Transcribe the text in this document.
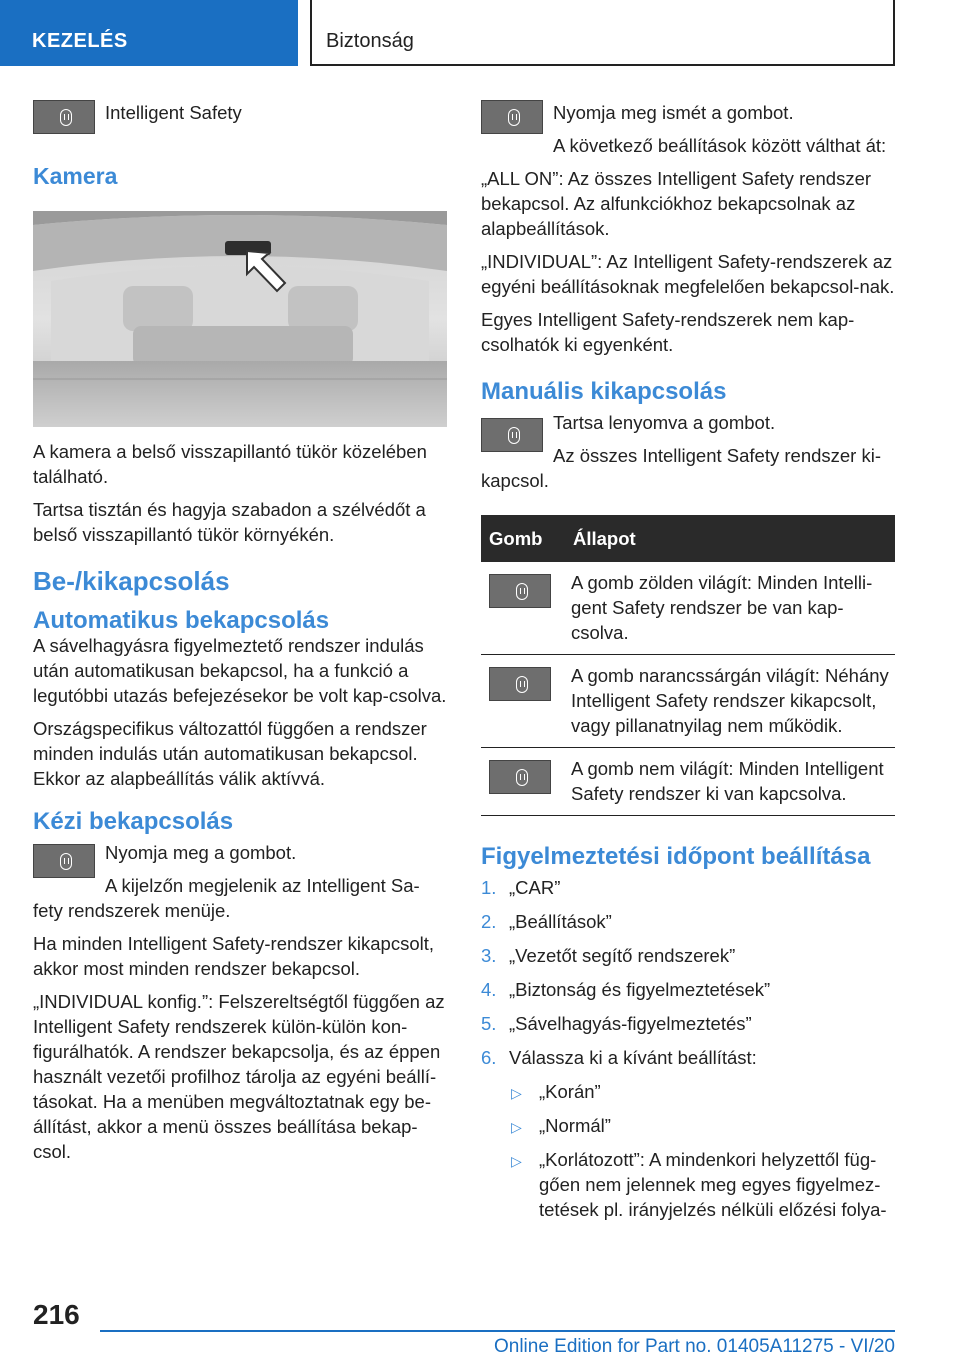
KEZELÉS	Biztonság

Intelligent Safety

Kamera

A kamera a belső visszapillantó tükör közelében található.

Tartsa tisztán és hagyja szabadon a szélvédőt a belső visszapillantó tükör környékén.

Be-/kikapcsolás
Automatikus bekapcsolás

A sávelhagyásra figyelmeztető rendszer indulás után automatikusan bekapcsol, ha a funkció a legutóbbi utazás befejezésekor be volt kap-csolva.

Országspecifikus változattól függően a rendszer minden indulás után automatikusan bekapcsol. Ekkor az alapbeállítás válik aktívvá.

Kézi bekapcsolás

Nyomja meg a gombot.

A kijelzőn megjelenik az Intelligent Sa-fety rendszerek menüje.

Ha minden Intelligent Safety-rendszer kikapcsolt, akkor most minden rendszer bekapcsol.

„INDIVIDUAL konfig.”: Felszereltségtől függően az Intelligent Safety rendszerek külön-külön kon-figurálhatók. A rendszer bekapcsolja, és az éppen használt vezetői profilhoz tárolja az egyéni beállí-tásokat. Ha a menüben megváltoztatnak egy be-állítást, akkor a menü összes beállítása bekap-csol.

Nyomja meg ismét a gombot.

A következő beállítások között válthat át:

„ALL ON”: Az összes Intelligent Safety rendszer bekapcsol. Az alfunkciókhoz bekapcsolnak az alapbeállítások.

„INDIVIDUAL”: Az Intelligent Safety-rendszerek az egyéni beállításoknak megfelelően bekapcsol-nak.

Egyes Intelligent Safety-rendszerek nem kap-csolhatók ki egyenként.

Manuális kikapcsolás

Tartsa lenyomva a gombot.

Az összes Intelligent Safety rendszer ki-kapcsol.

Gomb	Állapot

	A gomb zölden világít: Minden Intelli-gent Safety rendszer be van kap-csolva.

	A gomb narancssárgán világít: Néhány Intelligent Safety rendszer kikapcsolt, vagy pillanatnyilag nem működik.

	A gomb nem világít: Minden Intelligent Safety rendszer ki van kapcsolva.
Figyelmeztetési időpont beállítása
1. „CAR”
2. „Beállítások”
3. „Vezetőt segítő rendszerek”
4. „Biztonság és figyelmeztetések”
5. „Sávelhagyás-figyelmeztetés”
6. Válassza ki a kívánt beállítást:
▷ „Korán”
▷ „Normál”
▷ „Korlátozott”: A mindenkori helyzettől füg-gően nem jelennek meg egyes figyelmez-tetések pl. irányjelzés nélküli előzési folya-
216
Online Edition for Part no. 01405A11275 - VI/20
